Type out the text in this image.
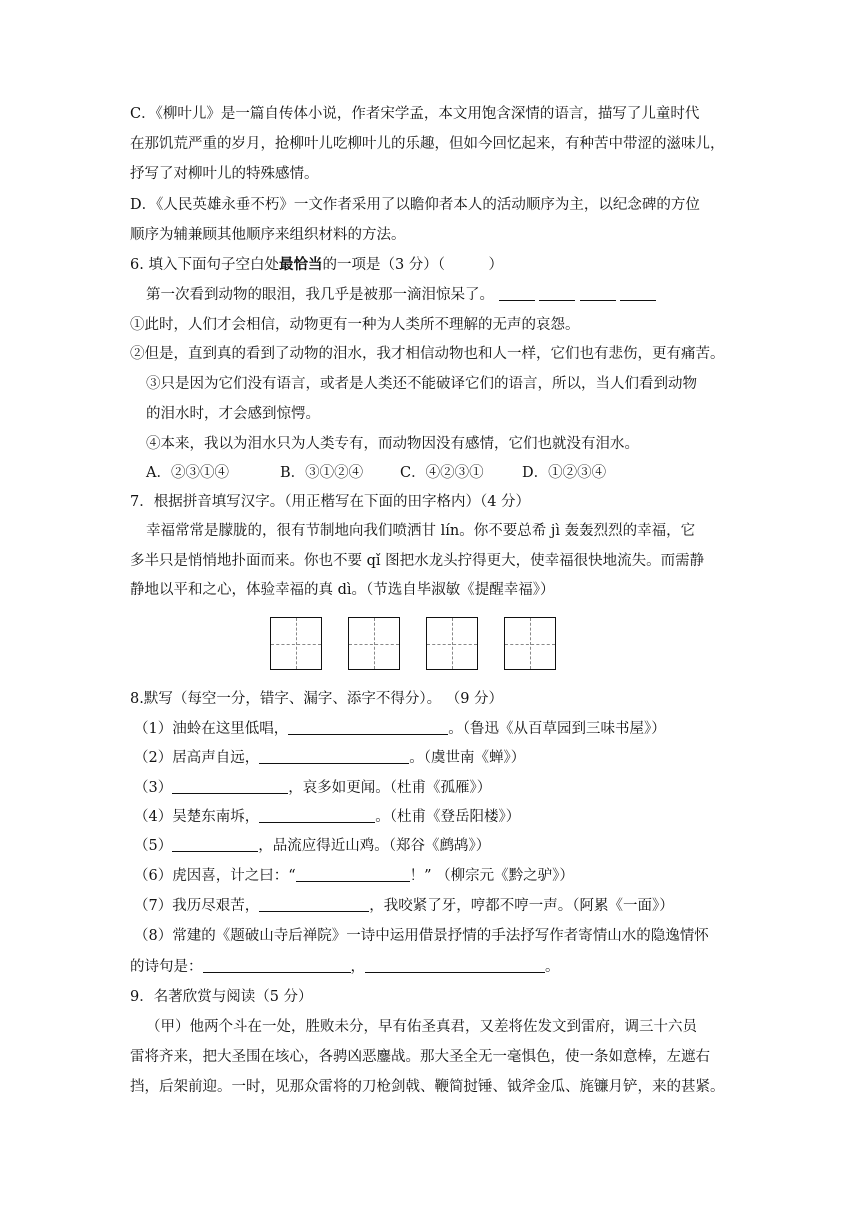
C．《柳叶儿》是一篇自传体小说，作者宋学孟，本文用饱含深情的语言，描写了儿童时代
在那饥荒严重的岁月，抢柳叶儿吃柳叶儿的乐趣，但如今回忆起来，有种苦中带涩的滋味儿，
抒写了对柳叶儿的特殊感情。
D．《人民英雄永垂不朽》一文作者采用了以瞻仰者本人的活动顺序为主，以纪念碑的方位
顺序为辅兼顾其他顺序来组织材料的方法。
6. 填入下面句子空白处最恰当的一项是（3 分）（　　　）
第一次看到动物的眼泪，我几乎是被那一滴泪惊呆了。
①此时，人们才会相信，动物更有一种为人类所不理解的无声的哀怨。
②但是，直到真的看到了动物的泪水，我才相信动物也和人一样，它们也有悲伤，更有痛苦。
③只是因为它们没有语言，或者是人类还不能破译它们的语言，所以，当人们看到动物
的泪水时，才会感到惊愕。
④本来，我以为泪水只为人类专有，而动物因没有感情，它们也就没有泪水。
A．②③①④	B．③①②④	C．④②③①	D．①②③④
7．根据拼音填写汉字。（用正楷写在下面的田字格内）（4 分）
幸福常常是朦胧的，很有节制地向我们喷洒甘 lín。你不要总希 jì 轰轰烈烈的幸福，它
多半只是悄悄地扑面而来。你也不要 qǐ 图把水龙头拧得更大，使幸福很快地流失。而需静
静地以平和之心，体验幸福的真 dì。（节选自毕淑敏《提醒幸福》）
8.默写（每空一分，错字、漏字、添字不得分）。 （9 分）
（1）油蛉在这里低唱，	。（鲁迅《从百草园到三味书屋》）
（2）居高声自远，	。（虞世南《蝉》）
（3）	，哀多如更闻。（杜甫《孤雁》）
（4）吴楚东南坼，	。（杜甫《登岳阳楼》）
（5）	，品流应得近山鸡。（郑谷《鹧鸪》）
（6）虎因喜，计之曰：“	！” （柳宗元《黔之驴》）
（7）我历尽艰苦，	，我咬紧了牙，哼都不哼一声。（阿累《一面》）
（8）常建的《题破山寺后禅院》一诗中运用借景抒情的手法抒写作者寄情山水的隐逸情怀
的诗句是：	，	。
9．名著欣赏与阅读（5 分）
（甲）他两个斗在一处，胜败未分，早有佑圣真君，又差将佐发文到雷府，调三十六员
雷将齐来，把大圣围在垓心，各骋凶恶鏖战。那大圣全无一毫惧色，使一条如意棒，左遮右
挡，后架前迎。一时，见那众雷将的刀枪剑戟、鞭简挝锤、钺斧金瓜、旄镰月铲，来的甚紧。
